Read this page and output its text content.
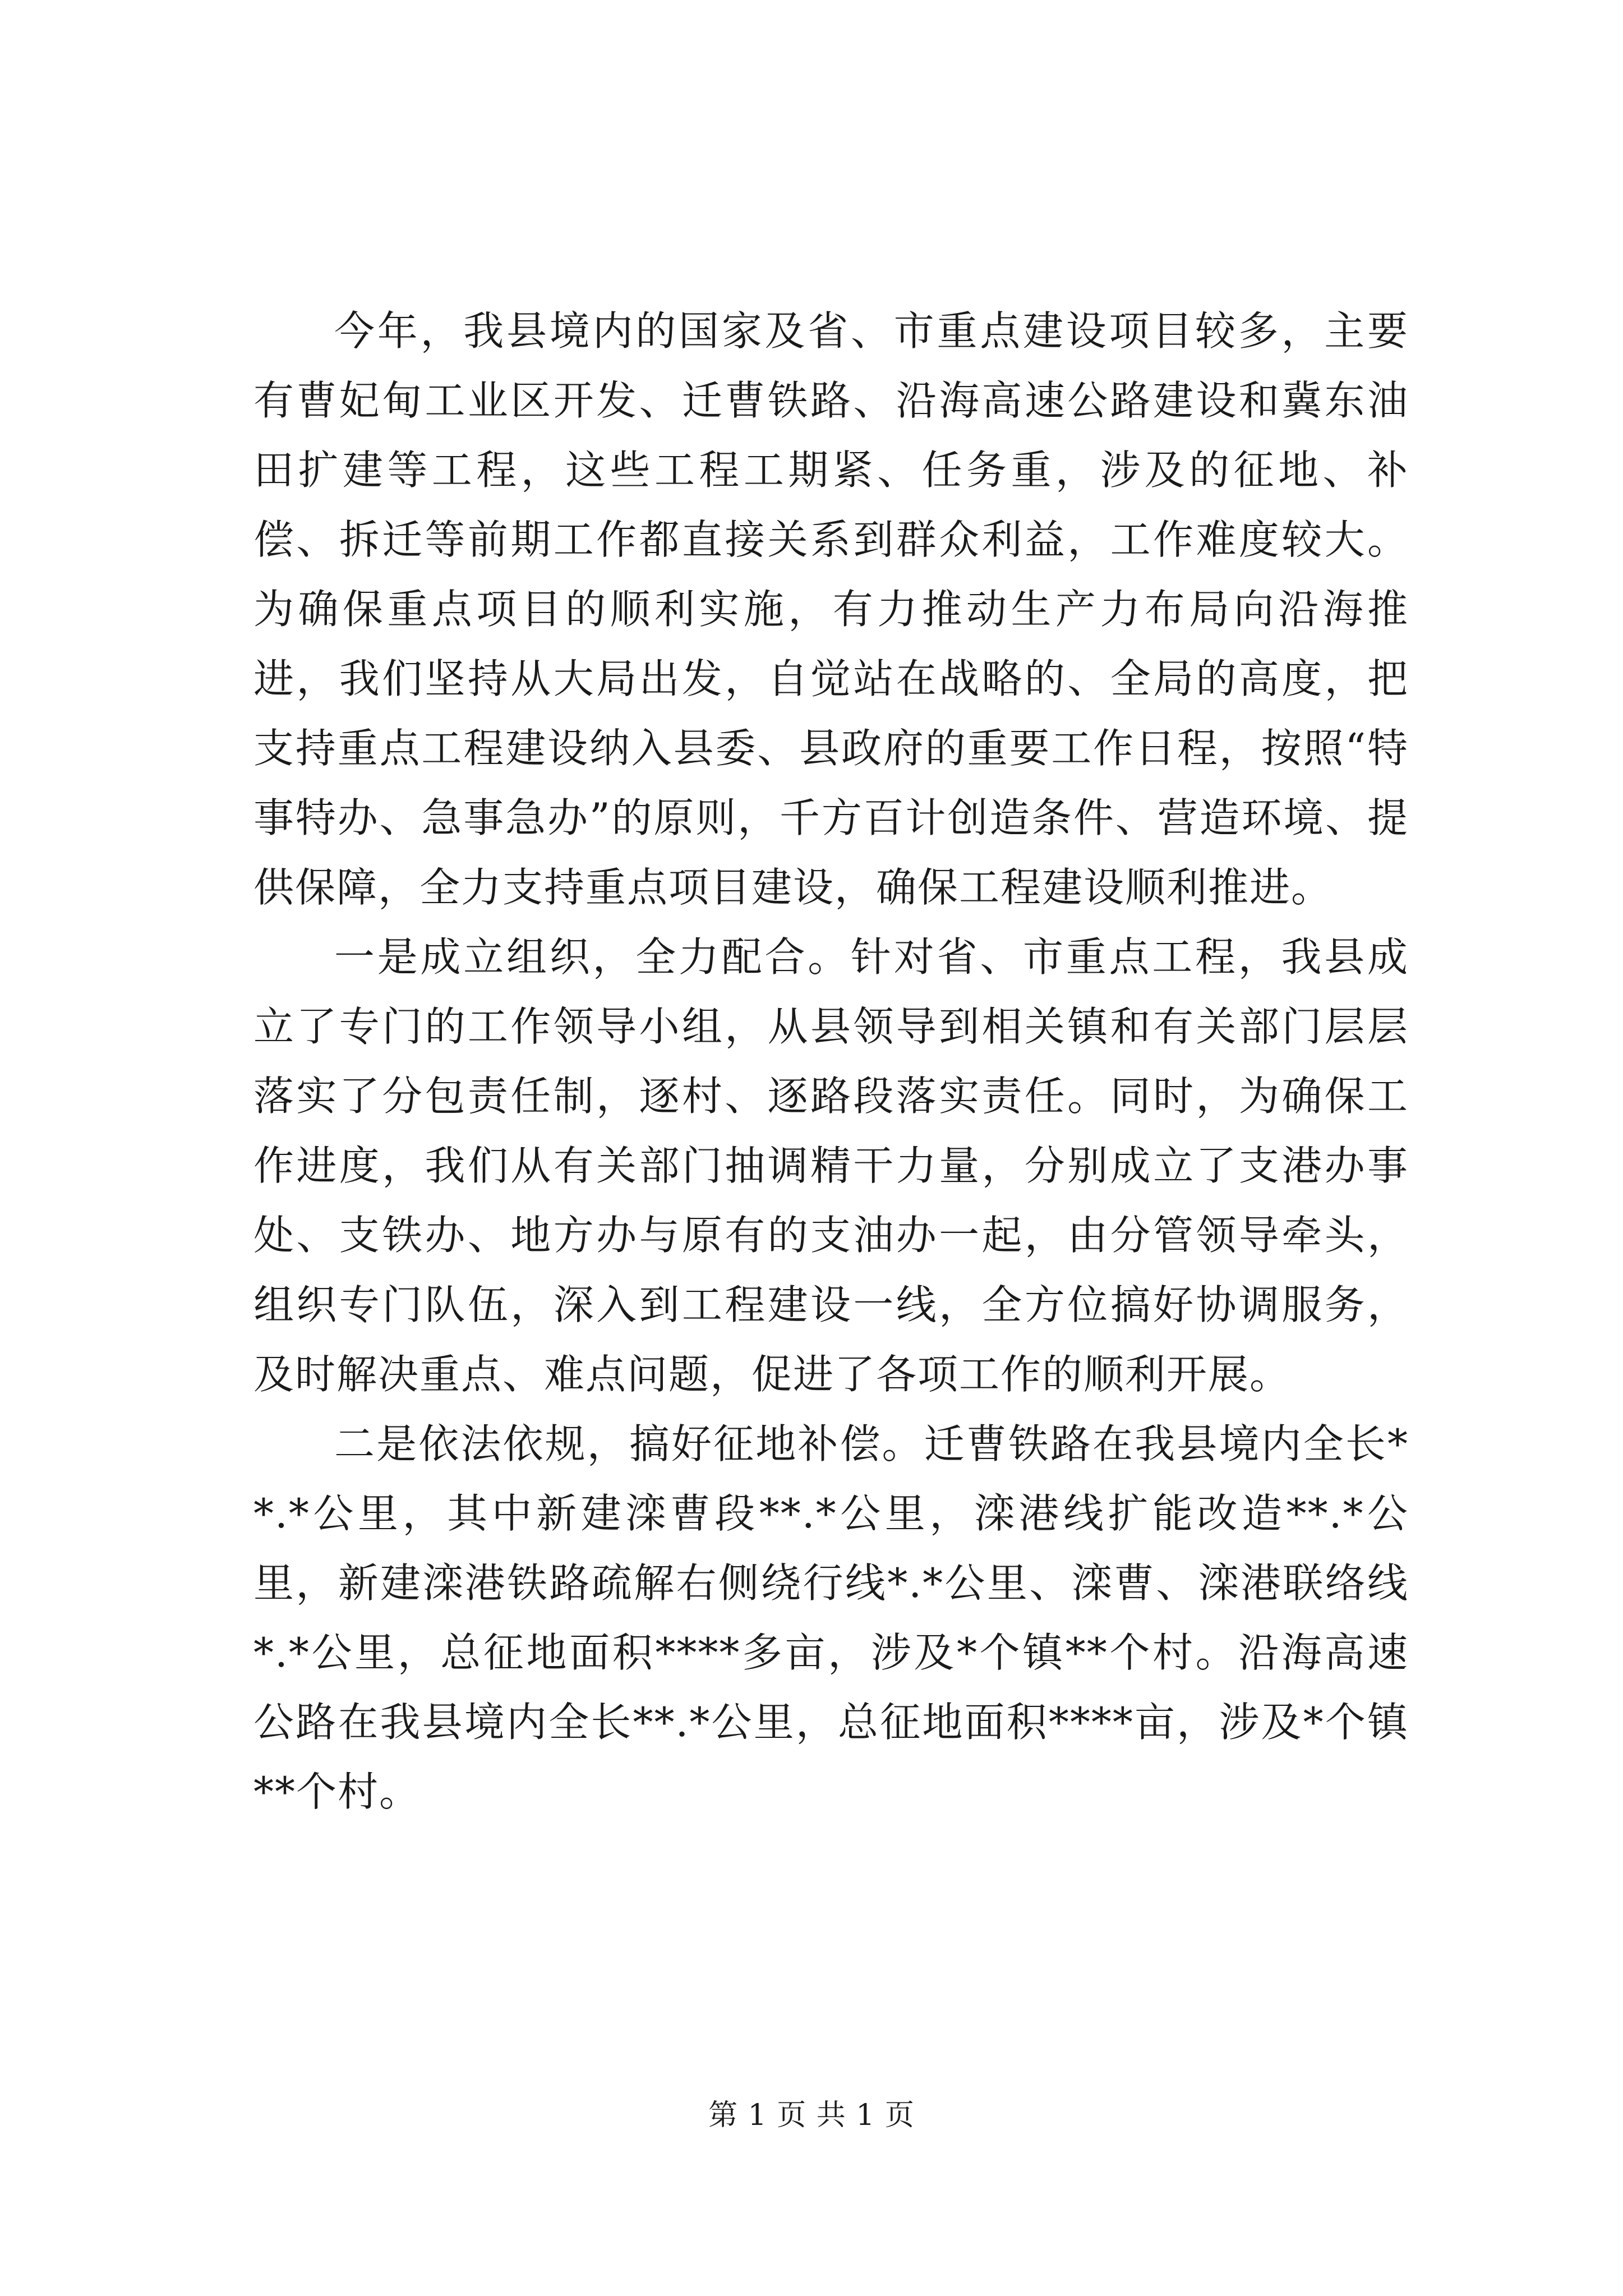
今年，我县境内的国家及省、市重点建设项目较多，主要有曹妃甸工业区开发、迁曹铁路、沿海高速公路建设和冀东油田扩建等工程，这些工程工期紧、任务重，涉及的征地、补偿、拆迁等前期工作都直接关系到群众利益，工作难度较大。为确保重点项目的顺利实施，有力推动生产力布局向沿海推进，我们坚持从大局出发，自觉站在战略的、全局的高度，把支持重点工程建设纳入县委、县政府的重要工作日程，按照“特事特办、急事急办”的原则，千方百计创造条件、营造环境、提供保障，全力支持重点项目建设，确保工程建设顺利推进。

一是成立组织，全力配合。针对省、市重点工程，我县成立了专门的工作领导小组，从县领导到相关镇和有关部门层层落实了分包责任制，逐村、逐路段落实责任。同时，为确保工作进度，我们从有关部门抽调精干力量，分别成立了支港办事处、支铁办、地方办与原有的支油办一起，由分管领导牵头，组织专门队伍，深入到工程建设一线，全方位搞好协调服务，及时解决重点、难点问题，促进了各项工作的顺利开展。

二是依法依规，搞好征地补偿。迁曹铁路在我县境内全长**.*公里，其中新建滦曹段**.*公里，滦港线扩能改造**.*公里，新建滦港铁路疏解右侧绕行线*.*公里、滦曹、滦港联络线*.*公里，总征地面积****多亩，涉及*个镇**个村。沿海高速公路在我县境内全长**.*公里，总征地面积****亩，涉及*个镇**个村。

第 1 页 共 1 页
